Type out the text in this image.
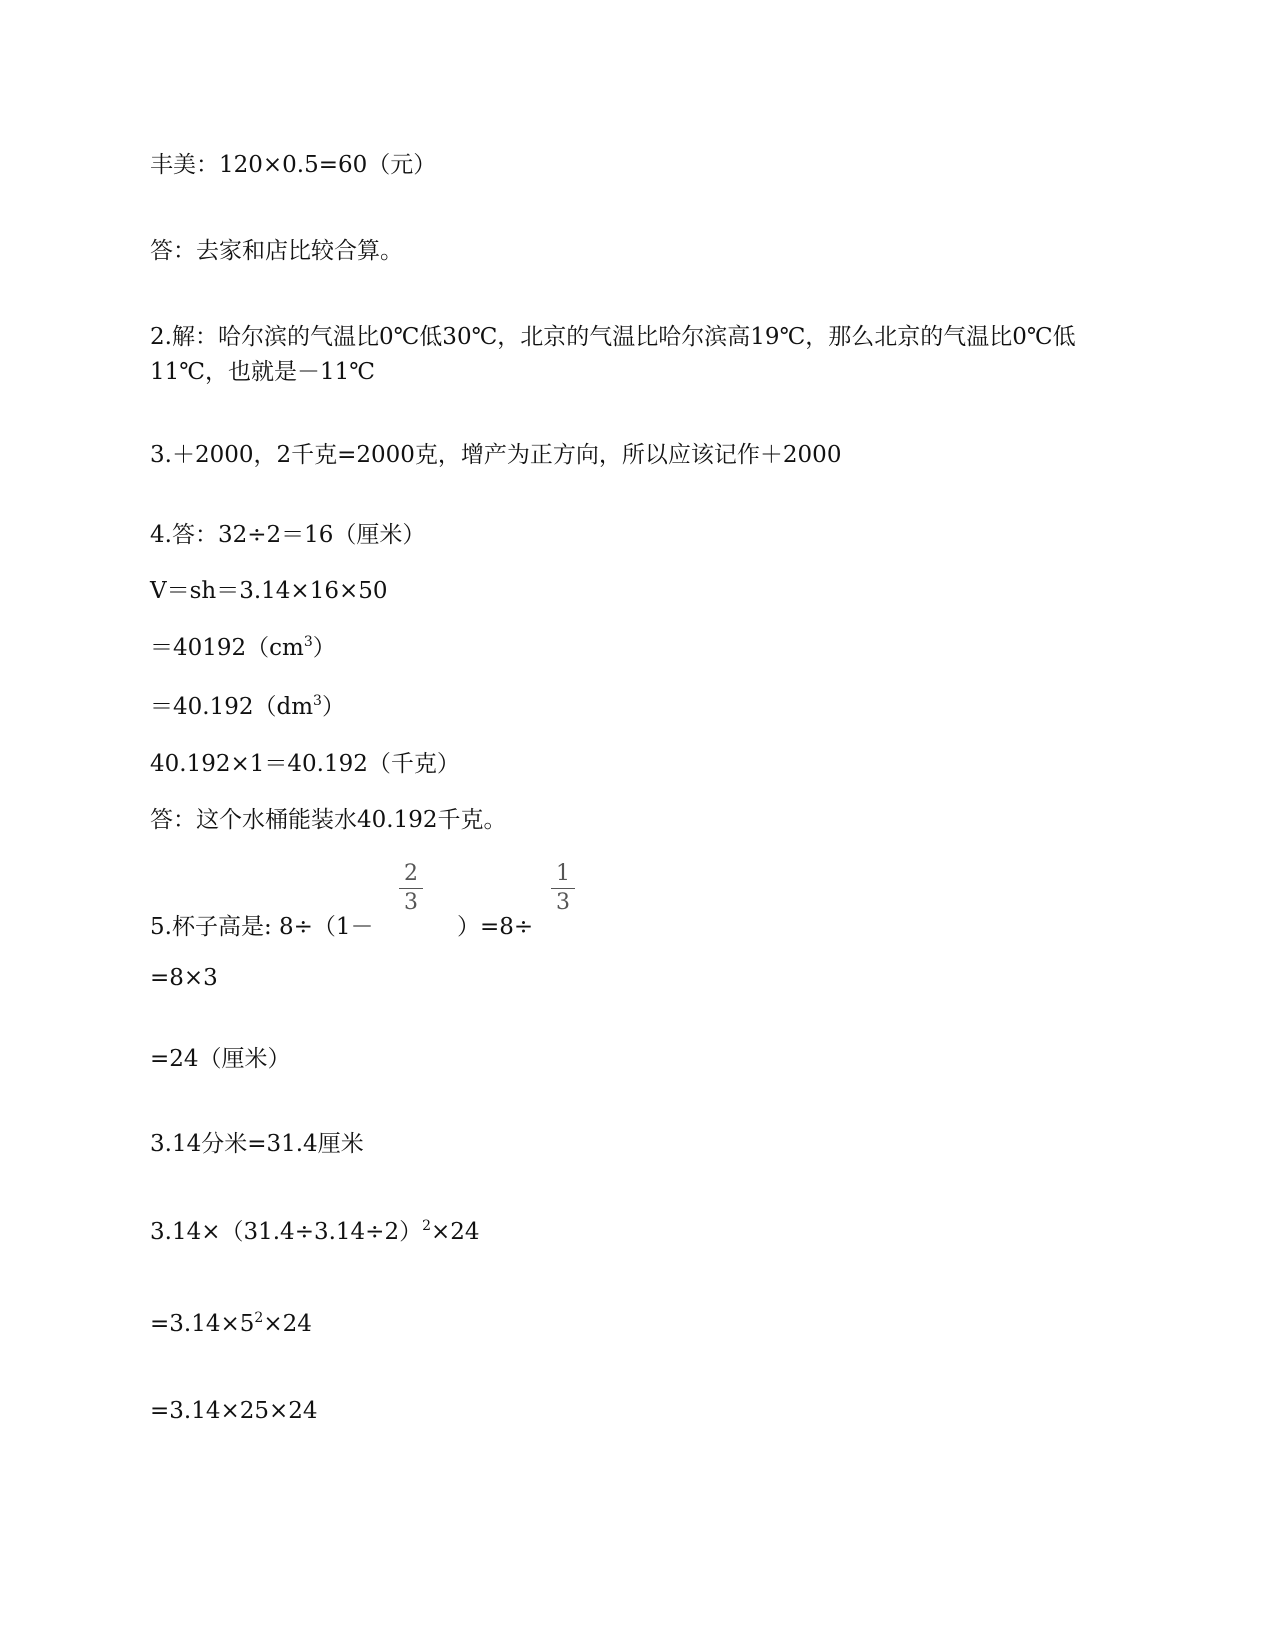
丰美：120×0.5=60（元）
答：去家和店比较合算。
2.解：哈尔滨的气温比0℃低30℃，北京的气温比哈尔滨高19℃，那么北京的气温比0℃低
11℃，也就是－11℃
3.＋2000，2千克=2000克，增产为正方向，所以应该记作＋2000
4.答：32÷2＝16（厘米）
V＝sh＝3.14×16×50
$=40192(cm^3)$
$=40.192(dm^3)$
40.192×1＝40.192（千克）
答：这个水桶能装水40.192千克。
5.杯子高是: 8÷（1－
2
3
）=8÷
1
3
=8×3
=24（厘米）
3.14分米=31.4厘米
$3.14\times(31.4\div 3.14\div 2)^2\times 24$
$=3.14\times 5^2\times 24$
=3.14×25×24
